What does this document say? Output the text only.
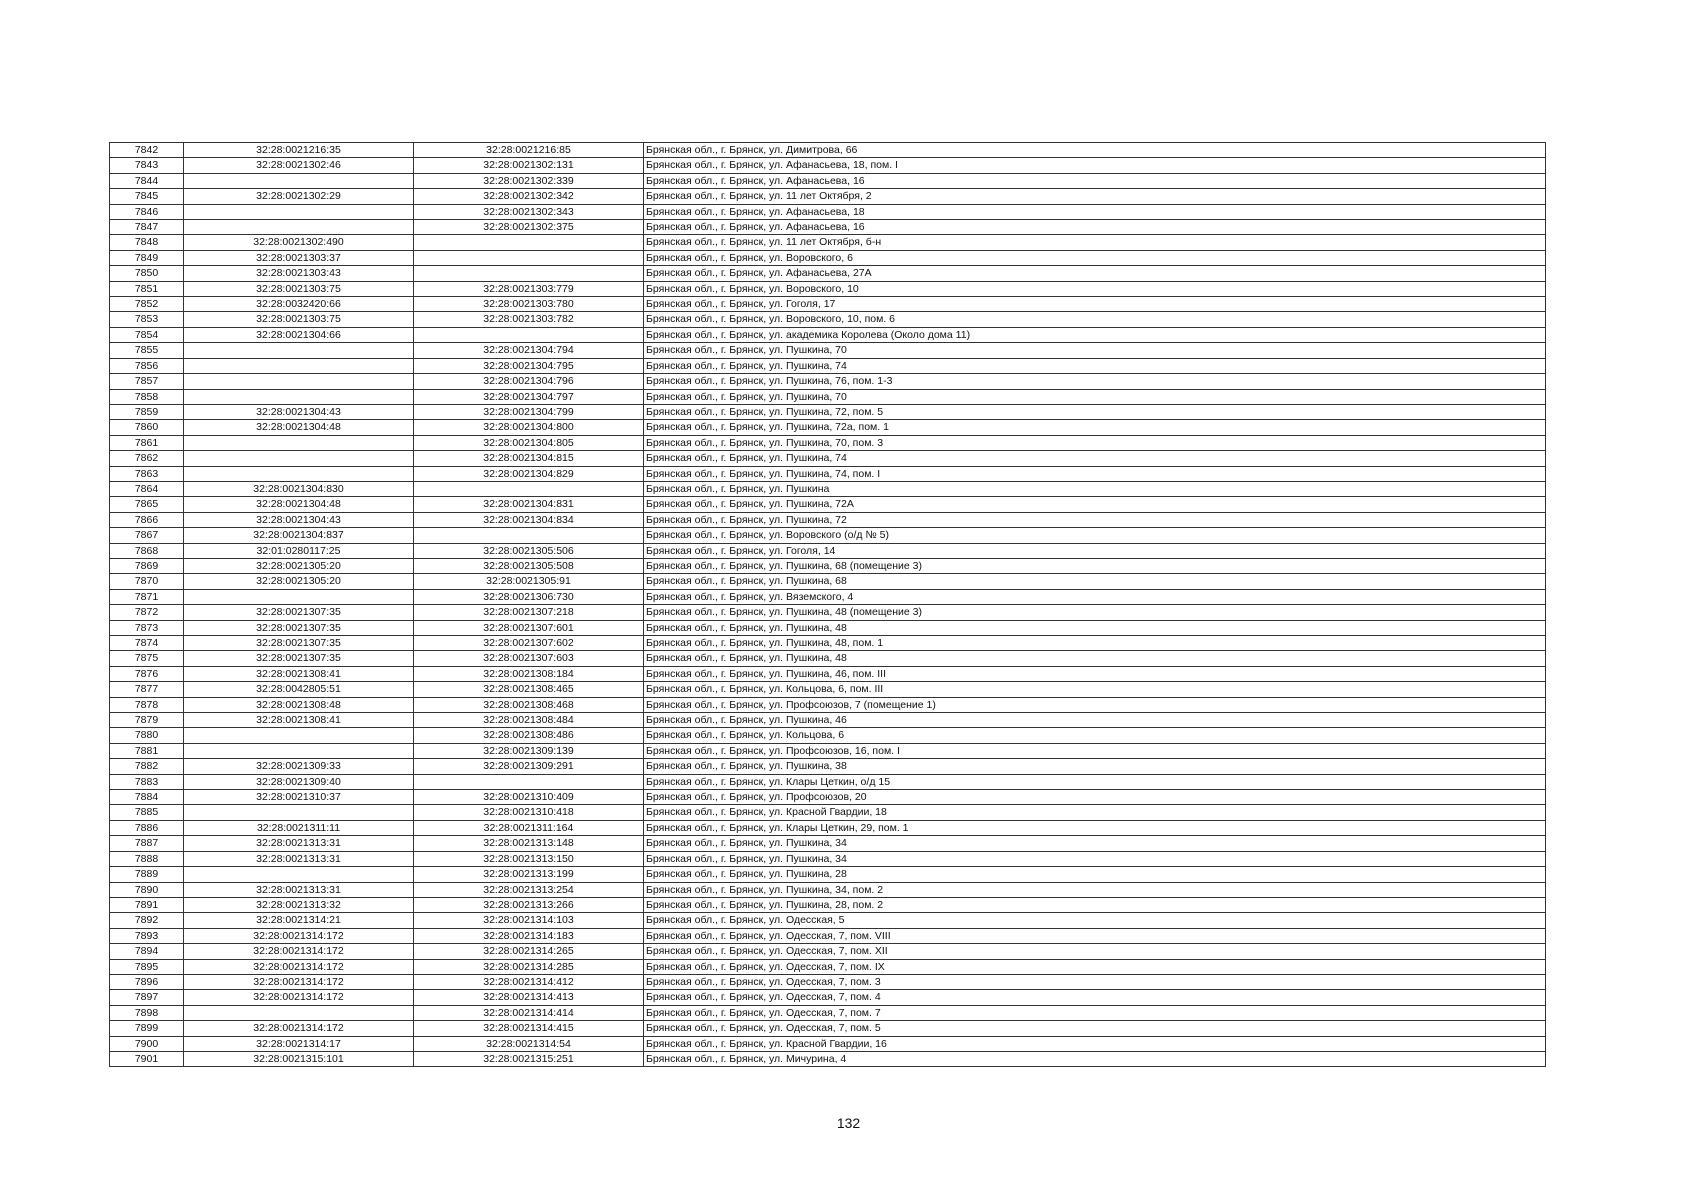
7842	32:28:0021216:35	32:28:0021216:85	Брянская обл., г. Брянск, ул. Димитрова, 66
7843	32:28:0021302:46	32:28:0021302:131	Брянская обл., г. Брянск, ул. Афанасьева, 18, пом. I
7844		32:28:0021302:339	Брянская обл., г. Брянск, ул. Афанасьева, 16
7845	32:28:0021302:29	32:28:0021302:342	Брянская обл., г. Брянск, ул. 11 лет Октября, 2
7846		32:28:0021302:343	Брянская обл., г. Брянск, ул. Афанасьева, 18
7847		32:28:0021302:375	Брянская обл., г. Брянск, ул. Афанасьева, 16
7848	32:28:0021302:490		Брянская обл., г. Брянск, ул. 11 лет Октября, б-н
7849	32:28:0021303:37		Брянская обл., г. Брянск, ул. Воровского, 6
7850	32:28:0021303:43		Брянская обл., г. Брянск, ул. Афанасьева, 27А
7851	32:28:0021303:75	32:28:0021303:779	Брянская обл., г. Брянск, ул. Воровского, 10
7852	32:28:0032420:66	32:28:0021303:780	Брянская обл., г. Брянск, ул. Гоголя, 17
7853	32:28:0021303:75	32:28:0021303:782	Брянская обл., г. Брянск, ул. Воровского, 10, пом. 6
7854	32:28:0021304:66		Брянская обл., г. Брянск, ул. академика Королева (Около дома 11)
7855		32:28:0021304:794	Брянская обл., г. Брянск, ул. Пушкина, 70
7856		32:28:0021304:795	Брянская обл., г. Брянск, ул. Пушкина, 74
7857		32:28:0021304:796	Брянская обл., г. Брянск, ул. Пушкина, 76, пом. 1-3
7858		32:28:0021304:797	Брянская обл., г. Брянск, ул. Пушкина, 70
7859	32:28:0021304:43	32:28:0021304:799	Брянская обл., г. Брянск, ул. Пушкина, 72, пом. 5
7860	32:28:0021304:48	32:28:0021304:800	Брянская обл., г. Брянск, ул. Пушкина, 72а, пом. 1
7861		32:28:0021304:805	Брянская обл., г. Брянск, ул. Пушкина, 70, пом. 3
7862		32:28:0021304:815	Брянская обл., г. Брянск, ул. Пушкина, 74
7863		32:28:0021304:829	Брянская обл., г. Брянск, ул. Пушкина, 74, пом. I
7864	32:28:0021304:830		Брянская обл., г. Брянск, ул. Пушкина
7865	32:28:0021304:48	32:28:0021304:831	Брянская обл., г. Брянск, ул. Пушкина, 72А
7866	32:28:0021304:43	32:28:0021304:834	Брянская обл., г. Брянск, ул. Пушкина, 72
7867	32:28:0021304:837		Брянская обл., г. Брянск, ул. Воровского (о/д № 5)
7868	32:01:0280117:25	32:28:0021305:506	Брянская обл., г. Брянск, ул. Гоголя, 14
7869	32:28:0021305:20	32:28:0021305:508	Брянская обл., г. Брянск, ул. Пушкина, 68 (помещение 3)
7870	32:28:0021305:20	32:28:0021305:91	Брянская обл., г. Брянск, ул. Пушкина, 68
7871		32:28:0021306:730	Брянская обл., г. Брянск, ул. Вяземского, 4
7872	32:28:0021307:35	32:28:0021307:218	Брянская обл., г. Брянск, ул. Пушкина, 48 (помещение 3)
7873	32:28:0021307:35	32:28:0021307:601	Брянская обл., г. Брянск, ул. Пушкина, 48
7874	32:28:0021307:35	32:28:0021307:602	Брянская обл., г. Брянск, ул. Пушкина, 48, пом. 1
7875	32:28:0021307:35	32:28:0021307:603	Брянская обл., г. Брянск, ул. Пушкина, 48
7876	32:28:0021308:41	32:28:0021308:184	Брянская обл., г. Брянск, ул. Пушкина, 46, пом. III
7877	32:28:0042805:51	32:28:0021308:465	Брянская обл., г. Брянск, ул. Кольцова, 6, пом. III
7878	32:28:0021308:48	32:28:0021308:468	Брянская обл., г. Брянск, ул. Профсоюзов, 7 (помещение 1)
7879	32:28:0021308:41	32:28:0021308:484	Брянская обл., г. Брянск, ул. Пушкина, 46
7880		32:28:0021308:486	Брянская обл., г. Брянск, ул. Кольцова, 6
7881		32:28:0021309:139	Брянская обл., г. Брянск, ул. Профсоюзов, 16, пом. I
7882	32:28:0021309:33	32:28:0021309:291	Брянская обл., г. Брянск, ул. Пушкина, 38
7883	32:28:0021309:40		Брянская обл., г. Брянск, ул. Клары Цеткин, о/д 15
7884	32:28:0021310:37	32:28:0021310:409	Брянская обл., г. Брянск, ул. Профсоюзов, 20
7885		32:28:0021310:418	Брянская обл., г. Брянск, ул. Красной Гвардии, 18
7886	32:28:0021311:11	32:28:0021311:164	Брянская обл., г. Брянск, ул. Клары Цеткин, 29, пом. 1
7887	32:28:0021313:31	32:28:0021313:148	Брянская обл., г. Брянск, ул. Пушкина, 34
7888	32:28:0021313:31	32:28:0021313:150	Брянская обл., г. Брянск, ул. Пушкина, 34
7889		32:28:0021313:199	Брянская обл., г. Брянск, ул. Пушкина, 28
7890	32:28:0021313:31	32:28:0021313:254	Брянская обл., г. Брянск, ул. Пушкина, 34, пом. 2
7891	32:28:0021313:32	32:28:0021313:266	Брянская обл., г. Брянск, ул. Пушкина, 28, пом. 2
7892	32:28:0021314:21	32:28:0021314:103	Брянская обл., г. Брянск, ул. Одесская, 5
7893	32:28:0021314:172	32:28:0021314:183	Брянская обл., г. Брянск, ул. Одесская, 7, пом. VIII
7894	32:28:0021314:172	32:28:0021314:265	Брянская обл., г. Брянск, ул. Одесская, 7, пом. XII
7895	32:28:0021314:172	32:28:0021314:285	Брянская обл., г. Брянск, ул. Одесская, 7, пом. IX
7896	32:28:0021314:172	32:28:0021314:412	Брянская обл., г. Брянск, ул. Одесская, 7, пом. 3
7897	32:28:0021314:172	32:28:0021314:413	Брянская обл., г. Брянск, ул. Одесская, 7, пом. 4
7898		32:28:0021314:414	Брянская обл., г. Брянск, ул. Одесская, 7, пом. 7
7899	32:28:0021314:172	32:28:0021314:415	Брянская обл., г. Брянск, ул. Одесская, 7, пом. 5
7900	32:28:0021314:17	32:28:0021314:54	Брянская обл., г. Брянск, ул. Красной Гвардии, 16
7901	32:28:0021315:101	32:28:0021315:251	Брянская обл., г. Брянск, ул. Мичурина, 4
132
